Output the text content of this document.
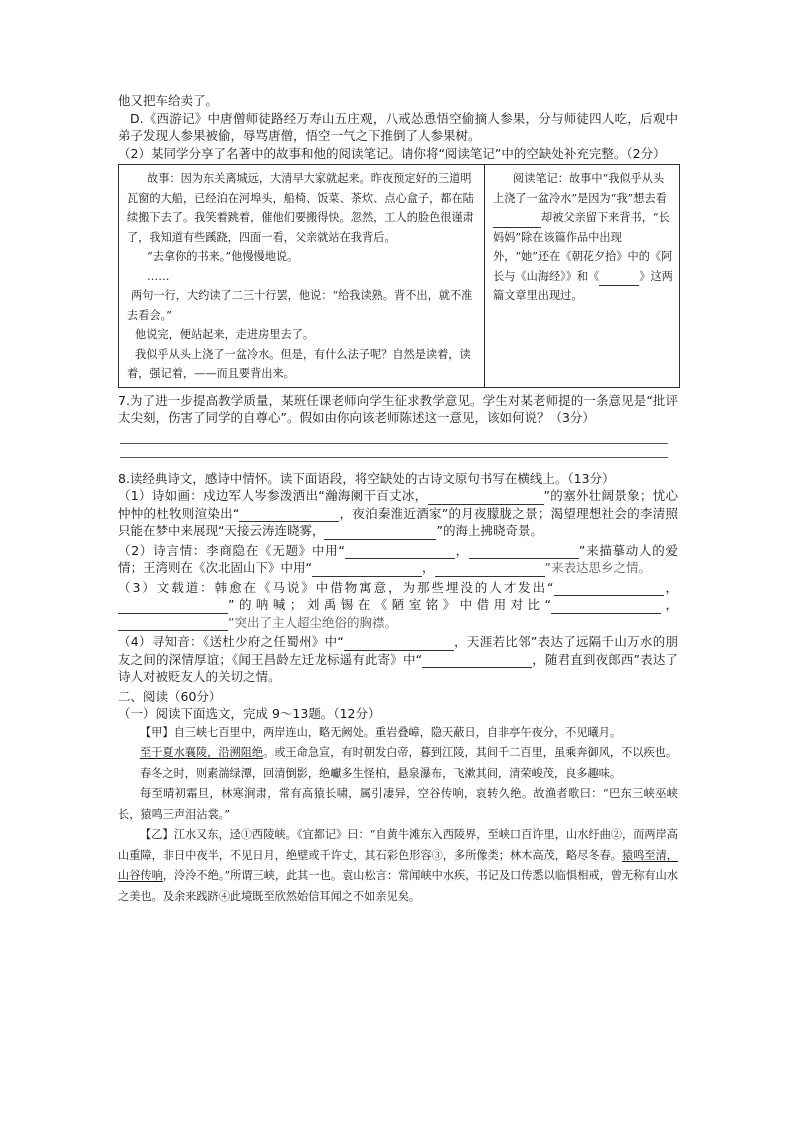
他又把车给卖了。

D.《西游记》中唐僧师徒路经万寿山五庄观，八戒怂恿悟空偷摘人参果，分与师徒四人吃，后观中弟子发现人参果被偷，辱骂唐僧，悟空一气之下推倒了人参果树。

（2）某同学分享了名著中的故事和他的阅读笔记。请你将“阅读笔记”中的空缺处补充完整。（2分）

故事：因为东关离城远，大清早大家就起来。昨夜预定好的三道明瓦窗的大船，已经泊在河埠头，船椅、饭菜、茶炊、点心盒子，都在陆续搬下去了。我笑着跳着，催他们要搬得快。忽然，工人的脸色很谨肃了，我知道有些蹊跷，四面一看，父亲就站在我背后。

“去拿你的书来。”他慢慢地说。

……

两句一行，大约读了二三十行罢，他说：“给我读熟。背不出，就不准去看会。”

他说完，便站起来，走进房里去了。

我似乎从头上浇了一盆冷水。但是，有什么法子呢？自然是读着，读着，强记着，——而且要背出来。

阅读笔记：故事中“我似乎从头上浇了一盆冷水”是因为“我”想去看却被父亲留下来背书，“长妈妈”除在该篇作品中出现外，“她”还在《朝花夕拾》中的《阿长与《山海经》》和《	》这两篇文章里出现过。

7.为了进一步提高教学质量，某班任课老师向学生征求教学意见。学生对某老师提的一条意见是“批评太尖刻，伤害了同学的自尊心”。假如由你向该老师陈述这一意见，该如何说？（3分）

8.读经典诗文，感诗中情怀。读下面语段，将空缺处的古诗文原句书写在横线上。（13分）

（1）诗如画：戍边军人岑参泼洒出“瀚海阑干百丈冰，	”的塞外壮阔景象；忧心忡忡的杜牧则渲染出“	，夜泊秦淮近酒家”的月夜朦胧之景；渴望理想社会的李清照只能在梦中来展现“天接云涛连晓雾，	”的海上拂晓奇景。

（2）诗言情：李商隐在《无题》中用“	，	”来描摹动人的爱情；王湾则在《次北固山下》中用“	，	”来表达思乡之情。

（3）文载道：韩愈在《马说》中借物寓意，为那些埋没的人才发出“	，”的呐喊；刘禹锡在《陋室铭》中借用对比“	，”突出了主人超尘绝俗的胸襟。

（4）寻知音：《送杜少府之任蜀州》中“	，天涯若比邻”表达了远隔千山万水的朋友之间的深情厚谊；《闻王昌龄左迁龙标遥有此寄》中“	，随君直到夜郎西”表达了诗人对被贬友人的关切之情。

二、阅读（60分）

（一）阅读下面选文，完成 9～13题。（12分）

【甲】自三峡七百里中，两岸连山，略无阙处。重岩叠嶂，隐天蔽日，自非亭午夜分，不见曦月。

至于夏水襄陵，沿溯阻绝。或王命急宣，有时朝发白帝，暮到江陵，其间千二百里，虽乘奔御风，不以疾也。

春冬之时，则素湍绿潭，回清倒影，绝巘多生怪柏，悬泉瀑布，飞漱其间，清荣峻茂，良多趣味。

每至晴初霜旦，林寒涧肃，常有高猿长啸，属引凄异，空谷传响，哀转久绝。故渔者歌曰：“巴东三峡巫峡长，猿鸣三声泪沾裳。”

【乙】江水又东，迳①西陵峡。《宜都记》曰：“自黄牛滩东入西陵界，至峡口百许里，山水纡曲②，而两岸高山重障，非日中夜半，不见日月，绝壁或千许丈，其石彩色形容③，多所像类；林木高茂，略尽冬春。猿鸣至清，山谷传响，泠泠不绝。”所谓三峡，此其一也。袁山松言：常闻峡中水疾，书记及口传悉以临惧相戒，曾无称有山水之美也。及余来践跻④此境既至欣然始信耳闻之不如亲见矣。
